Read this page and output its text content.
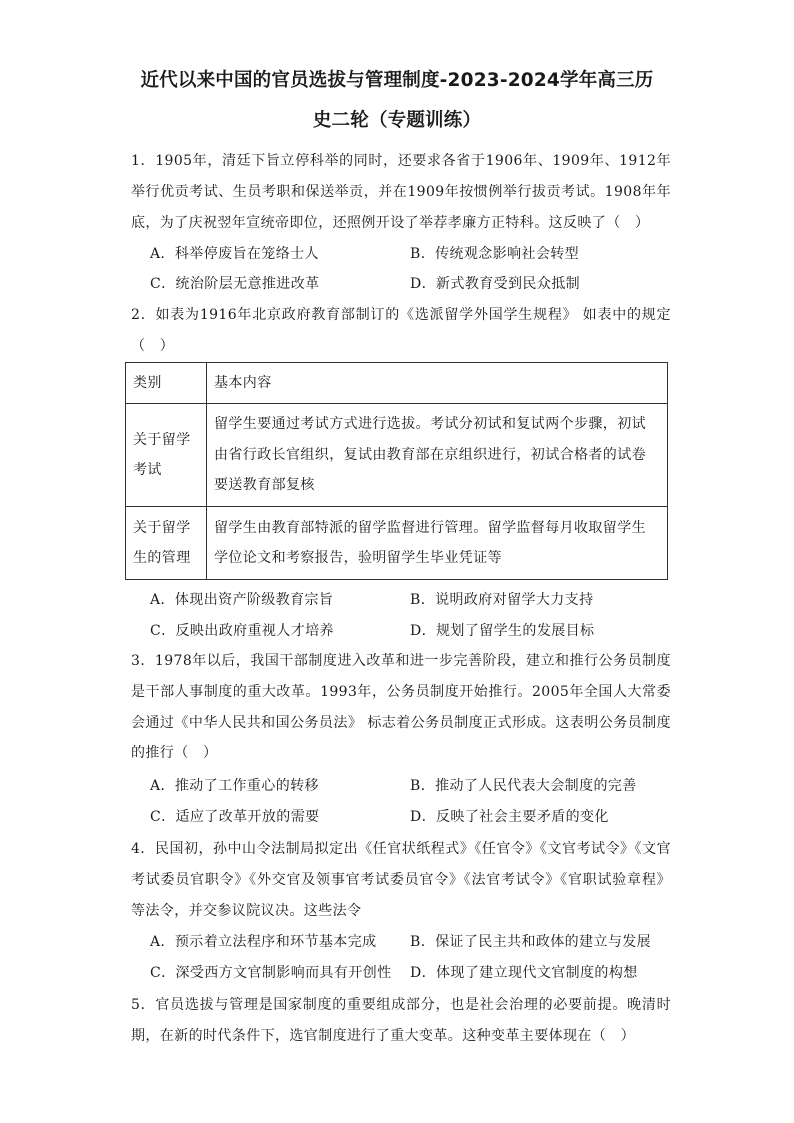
近代以来中国的官员选拔与管理制度-2023-2024学年高三历
史二轮（专题训练）
1．1905年，清廷下旨立停科举的同时，还要求各省于1906年、1909年、1912年举行优贡考试、生员考职和保送举贡，并在1909年按惯例举行拔贡考试。1908年年底，为了庆祝翌年宣统帝即位，还照例开设了举荐孝廉方正特科。这反映了（　）
A．科举停废旨在笼络士人	B．传统观念影响社会转型
C．统治阶层无意推进改革	D．新式教育受到民众抵制
2．如表为1916年北京政府教育部制订的《选派留学外国学生规程》 如表中的规定（　）
类别	基本内容
关于留学考试	留学生要通过考试方式进行选拔。考试分初试和复试两个步骤，初试由省行政长官组织，复试由教育部在京组织进行，初试合格者的试卷要送教育部复核
关于留学生的管理	留学生由教育部特派的留学监督进行管理。留学监督每月收取留学生学位论文和考察报告，验明留学生毕业凭证等
A．体现出资产阶级教育宗旨	B．说明政府对留学大力支持
C．反映出政府重视人才培养	D．规划了留学生的发展目标
3．1978年以后，我国干部制度进入改革和进一步完善阶段，建立和推行公务员制度是干部人事制度的重大改革。1993年，公务员制度开始推行。2005年全国人大常委会通过《中华人民共和国公务员法》 标志着公务员制度正式形成。这表明公务员制度的推行（　）
A．推动了工作重心的转移	B．推动了人民代表大会制度的完善
C．适应了改革开放的需要	D．反映了社会主要矛盾的变化
4．民国初，孙中山令法制局拟定出《任官状纸程式》《任官令》《文官考试令》《文官考试委员官职令》《外交官及领事官考试委员官令》《法官考试令》《官职试验章程》等法令，并交参议院议决。这些法令
A．预示着立法程序和环节基本完成 B．保证了民主共和政体的建立与发展
C．深受西方文官制影响而具有开创性 D．体现了建立现代文官制度的构想
5．官员选拔与管理是国家制度的重要组成部分，也是社会治理的必要前提。晚清时期，在新的时代条件下，选官制度进行了重大变革。这种变革主要体现在（　）
